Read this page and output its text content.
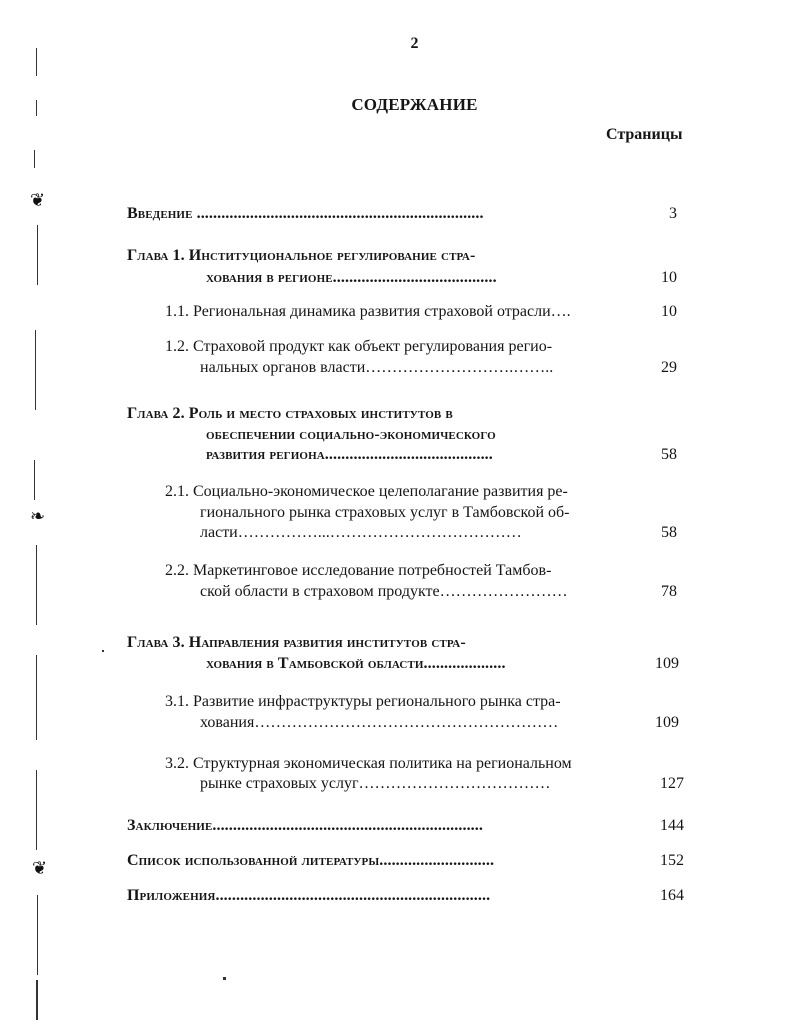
❦
❧
❦
2
СОДЕРЖАНИЕ
Страницы
Введение ......................................................................	3
Глава 1. Институциональное регулирование стра-
хования в регионе........................................	10
1.1. Региональная динамика развития страховой отрасли….	10
1.2. Страховой продукт как объект регулирования регио-
нальных органов власти……………………….……..	29
Глава 2. Роль и место страховых институтов в
обеспечении социально-экономического
развития региона.........................................	58
2.1. Социально-экономическое целеполагание развития ре-
гионального рынка страховых услуг в Тамбовской об-
ласти……………...………………………………	58
2.2. Маркетинговое исследование потребностей Тамбов-
ской области в страховом продукте……………………	78
Глава 3. Направления развития институтов стра-
хования в Тамбовской области....................	109
3.1. Развитие инфраструктуры регионального рынка стра-
хования…………………………………………………	109
3.2. Структурная экономическая политика на региональном
рынке страховых услуг………………………………	127
Заключение..................................................................	144
Список использованной литературы............................	152
Приложения...................................................................	164
